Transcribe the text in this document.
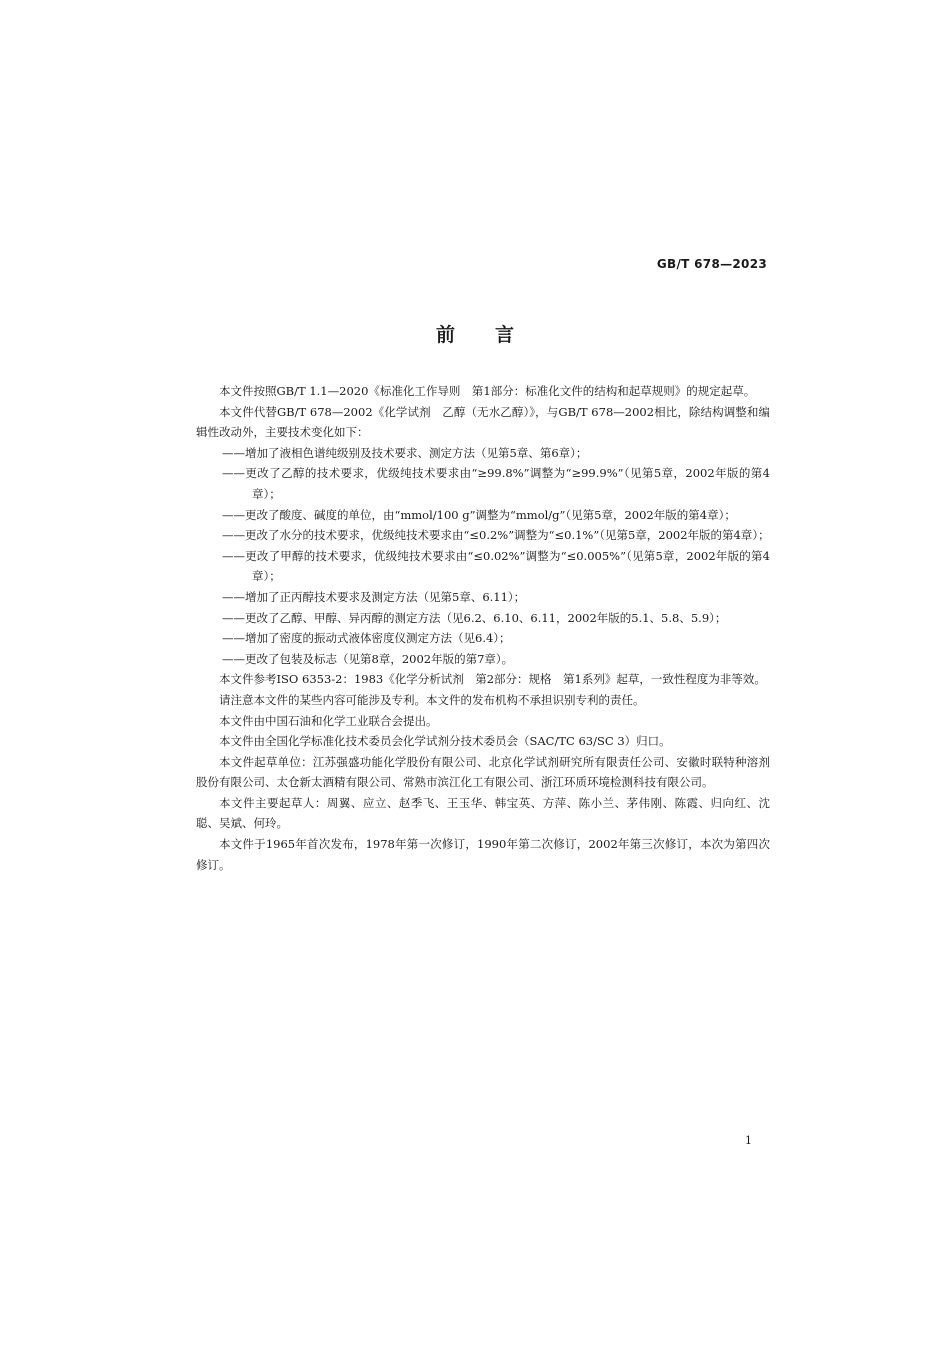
GB/T 678—2023
前言

本文件按照GB/T 1.1—2020《标准化工作导则　第1部分：标准化文件的结构和起草规则》的规定起草。

本文件代替GB/T 678—2002《化学试剂　乙醇（无水乙醇）》，与GB/T 678—2002相比，除结构调整和编辑性改动外，主要技术变化如下：

——增加了液相色谱纯级别及技术要求、测定方法（见第5章、第6章）；

——更改了乙醇的技术要求，优级纯技术要求由“≥99.8%”调整为“≥99.9%”（见第5章，2002年版的第4章）；

——更改了酸度、碱度的单位，由“mmol/100 g”调整为“mmol/g”（见第5章，2002年版的第4章）；

——更改了水分的技术要求，优级纯技术要求由“≤0.2%”调整为“≤0.1%”（见第5章，2002年版的第4章）；

——更改了甲醇的技术要求，优级纯技术要求由“≤0.02%”调整为“≤0.005%”（见第5章，2002年版的第4章）；

——增加了正丙醇技术要求及测定方法（见第5章、6.11）；

——更改了乙醇、甲醇、异丙醇的测定方法（见6.2、6.10、6.11，2002年版的5.1、5.8、5.9）；

——增加了密度的振动式液体密度仪测定方法（见6.4）；

——更改了包装及标志（见第8章，2002年版的第7章）。

本文件参考ISO 6353-2：1983《化学分析试剂　第2部分：规格　第1系列》起草，一致性程度为非等效。

请注意本文件的某些内容可能涉及专利。本文件的发布机构不承担识别专利的责任。

本文件由中国石油和化学工业联合会提出。

本文件由全国化学标准化技术委员会化学试剂分技术委员会（SAC/TC 63/SC 3）归口。

本文件起草单位：江苏强盛功能化学股份有限公司、北京化学试剂研究所有限责任公司、安徽时联特种溶剂股份有限公司、太仓新太酒精有限公司、常熟市滨江化工有限公司、浙江环质环境检测科技有限公司。

本文件主要起草人：周翼、应立、赵季飞、王玉华、韩宝英、方萍、陈小兰、茅伟刚、陈霞、归向红、沈聪、吴斌、何玲。

本文件于1965年首次发布，1978年第一次修订，1990年第二次修订，2002年第三次修订，本次为第四次修订。

1
